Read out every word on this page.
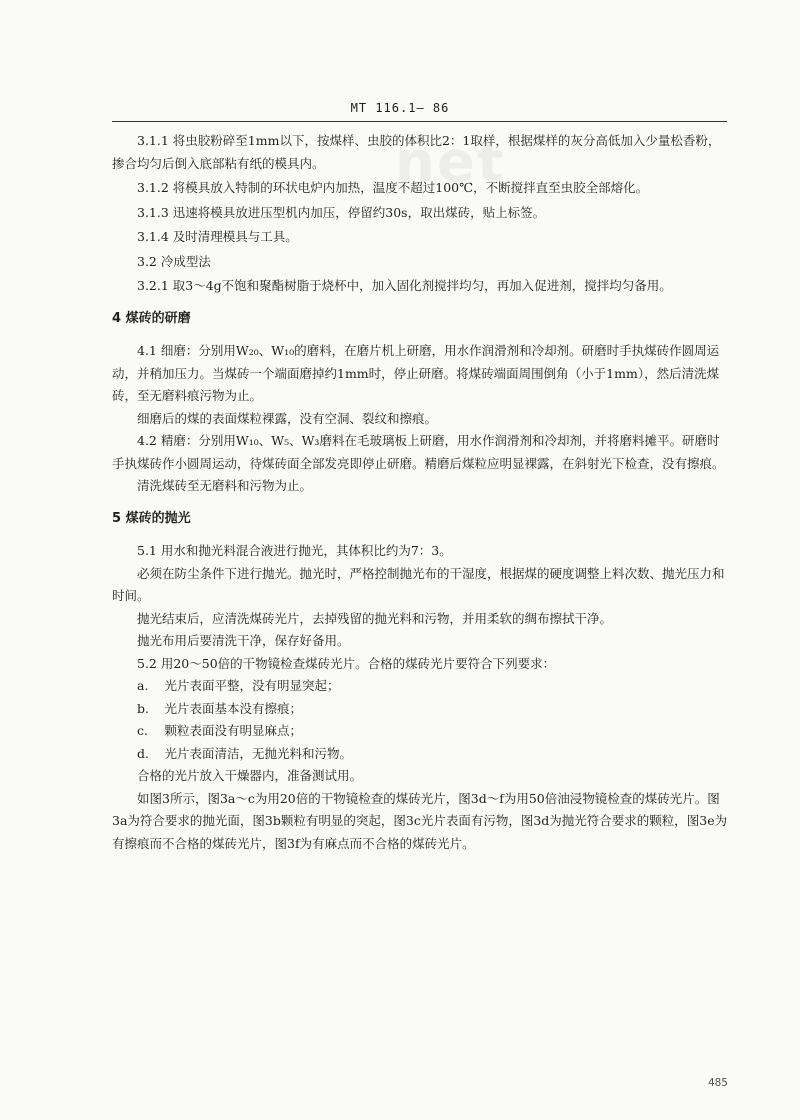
MT 116.1— 86
net

3.1.1 将虫胶粉碎至1mm以下，按煤样、虫胶的体积比2：1取样，根据煤样的灰分高低加入少量松香粉，掺合均匀后倒入底部粘有纸的模具内。

3.1.2 将模具放入特制的环状电炉内加热，温度不超过100℃，不断搅拌直至虫胶全部熔化。

3.1.3 迅速将模具放进压型机内加压，停留约30s，取出煤砖，贴上标签。

3.1.4 及时清理模具与工具。

3.2 冷成型法

3.2.1 取3～4g不饱和聚酯树脂于烧杯中，加入固化剂搅拌均匀，再加入促进剂，搅拌均匀备用。

4 煤砖的研磨

4.1 细磨：分别用W₂₀、W₁₀的磨料，在磨片机上研磨，用水作润滑剂和冷却剂。研磨时手执煤砖作圆周运动，并稍加压力。当煤砖一个端面磨掉约1mm时，停止研磨。将煤砖端面周围倒角（小于1mm），然后清洗煤砖，至无磨料痕污物为止。

细磨后的煤的表面煤粒裸露，没有空洞、裂纹和擦痕。

4.2 精磨：分别用W₁₀、W₅、W₃磨料在毛玻璃板上研磨，用水作润滑剂和冷却剂，并将磨料摊平。研磨时手执煤砖作小圆周运动，待煤砖面全部发亮即停止研磨。精磨后煤粒应明显裸露，在斜射光下检查，没有擦痕。

清洗煤砖至无磨料和污物为止。

5 煤砖的抛光

5.1 用水和抛光料混合液进行抛光，其体积比约为7：3。

必须在防尘条件下进行抛光。抛光时，严格控制抛光布的干湿度，根据煤的硬度调整上料次数、抛光压力和时间。

抛光结束后，应清洗煤砖光片，去掉残留的抛光料和污物，并用柔软的绸布擦拭干净。

抛光布用后要清洗干净，保存好备用。

5.2 用20～50倍的干物镜检查煤砖光片。合格的煤砖光片要符合下列要求：

a. 光片表面平整，没有明显突起；
b. 光片表面基本没有擦痕；
c. 颗粒表面没有明显麻点；
d. 光片表面清洁，无抛光料和污物。

合格的光片放入干燥器内，准备测试用。

如图3所示，图3a～c为用20倍的干物镜检查的煤砖光片，图3d～f为用50倍油浸物镜检查的煤砖光片。图3a为符合要求的抛光面，图3b颗粒有明显的突起，图3c光片表面有污物，图3d为抛光符合要求的颗粒，图3e为有擦痕而不合格的煤砖光片，图3f为有麻点而不合格的煤砖光片。

485
